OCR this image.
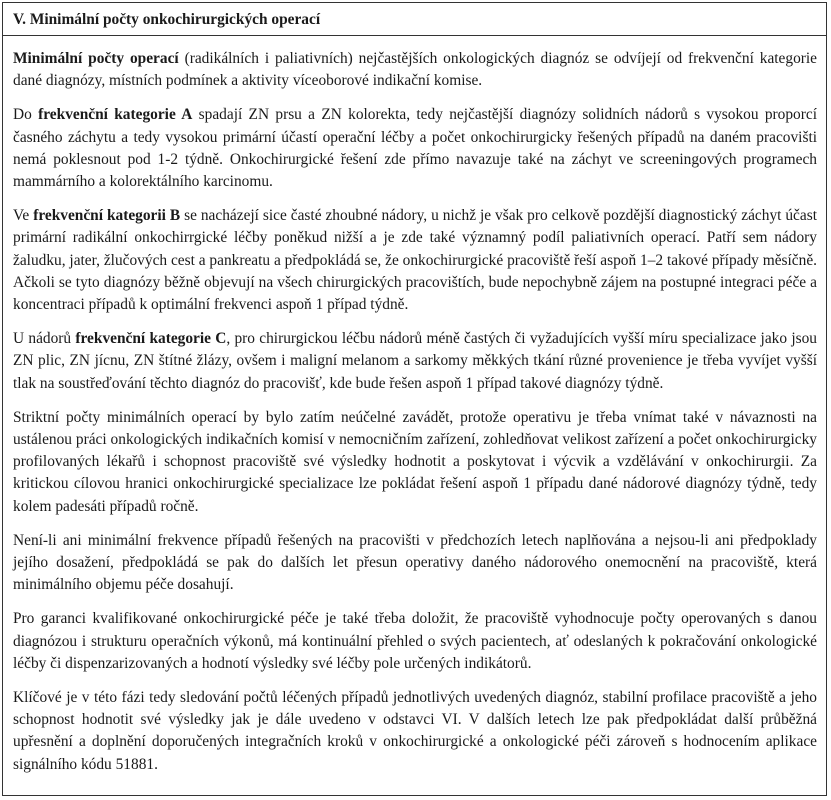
V. Minimální počty onkochirurgických operací

Minimální počty operací (radikálních i paliativních) nejčastějších onkologických diagnóz se odvíjejí od frekvenční kategorie dané diagnózy, místních podmínek a aktivity víceoborové indikační komise.

Do frekvenční kategorie A spadají ZN prsu a ZN kolorekta, tedy nejčastější diagnózy solidních nádorů s vysokou proporcí časného záchytu a tedy vysokou primární účastí operační léčby a počet onkochirurgicky řešených případů na daném pracovišti nemá poklesnout pod 1-2 týdně. Onkochirurgické řešení zde přímo navazuje také na záchyt ve screeningových programech mammárního a kolorektálního karcinomu.

Ve frekvenční kategorii B se nacházejí sice časté zhoubné nádory, u nichž je však pro celkově pozdější diagnostický záchyt účast primární radikální onkochirrgické léčby poněkud nižší a je zde také významný podíl paliativních operací. Patří sem nádory žaludku, jater, žlučových cest a pankreatu a předpokládá se, že onkochirurgické pracoviště řeší aspoň 1–2 takové případy měsíčně. Ačkoli se tyto diagnózy běžně objevují na všech chirurgických pracovištích, bude nepochybně zájem na postupné integraci péče a koncentraci případů k optimální frekvenci aspoň 1 případ týdně.

U nádorů frekvenční kategorie C, pro chirurgickou léčbu nádorů méně častých či vyžadujících vyšší míru specializace jako jsou ZN plic, ZN jícnu, ZN štítné žlázy, ovšem i maligní melanom a sarkomy měkkých tkání různé provenience je třeba vyvíjet vyšší tlak na soustřeďování těchto diagnóz do pracovišť, kde bude řešen aspoň 1 případ takové diagnózy týdně.

Striktní počty minimálních operací by bylo zatím neúčelné zavádět, protože operativu je třeba vnímat také v návaznosti na ustálenou práci onkologických indikačních komisí v nemocničním zařízení, zohledňovat velikost zařízení a počet onkochirurgicky profilovaných lékařů i schopnost pracoviště své výsledky hodnotit a poskytovat i výcvik a vzdělávání v onkochirurgii. Za kritickou cílovou hranici onkochirurgické specializace lze pokládat řešení aspoň 1 případu dané nádorové diagnózy týdně, tedy kolem padesáti případů ročně.

Není-li ani minimální frekvence případů řešených na pracovišti v předchozích letech naplňována a nejsou-li ani předpoklady jejího dosažení, předpokládá se pak do dalších let přesun operativy daného nádorového onemocnění na pracoviště, která minimálního objemu péče dosahují.

Pro garanci kvalifikované onkochirurgické péče je také třeba doložit, že pracoviště vyhodnocuje počty operovaných s danou diagnózou i strukturu operačních výkonů, má kontinuální přehled o svých pacientech, ať odeslaných k pokračování onkologické léčby či dispenzarizovaných a hodnotí výsledky své léčby pole určených indikátorů.

Klíčové je v této fázi tedy sledování počtů léčených případů jednotlivých uvedených diagnóz, stabilní profilace pracoviště a jeho schopnost hodnotit své výsledky jak je dále uvedeno v odstavci VI. V dalších letech lze pak předpokládat další průběžná upřesnění a doplnění doporučených integračních kroků v onkochirurgické a onkologické péči zároveň s hodnocením aplikace signálního kódu 51881.
